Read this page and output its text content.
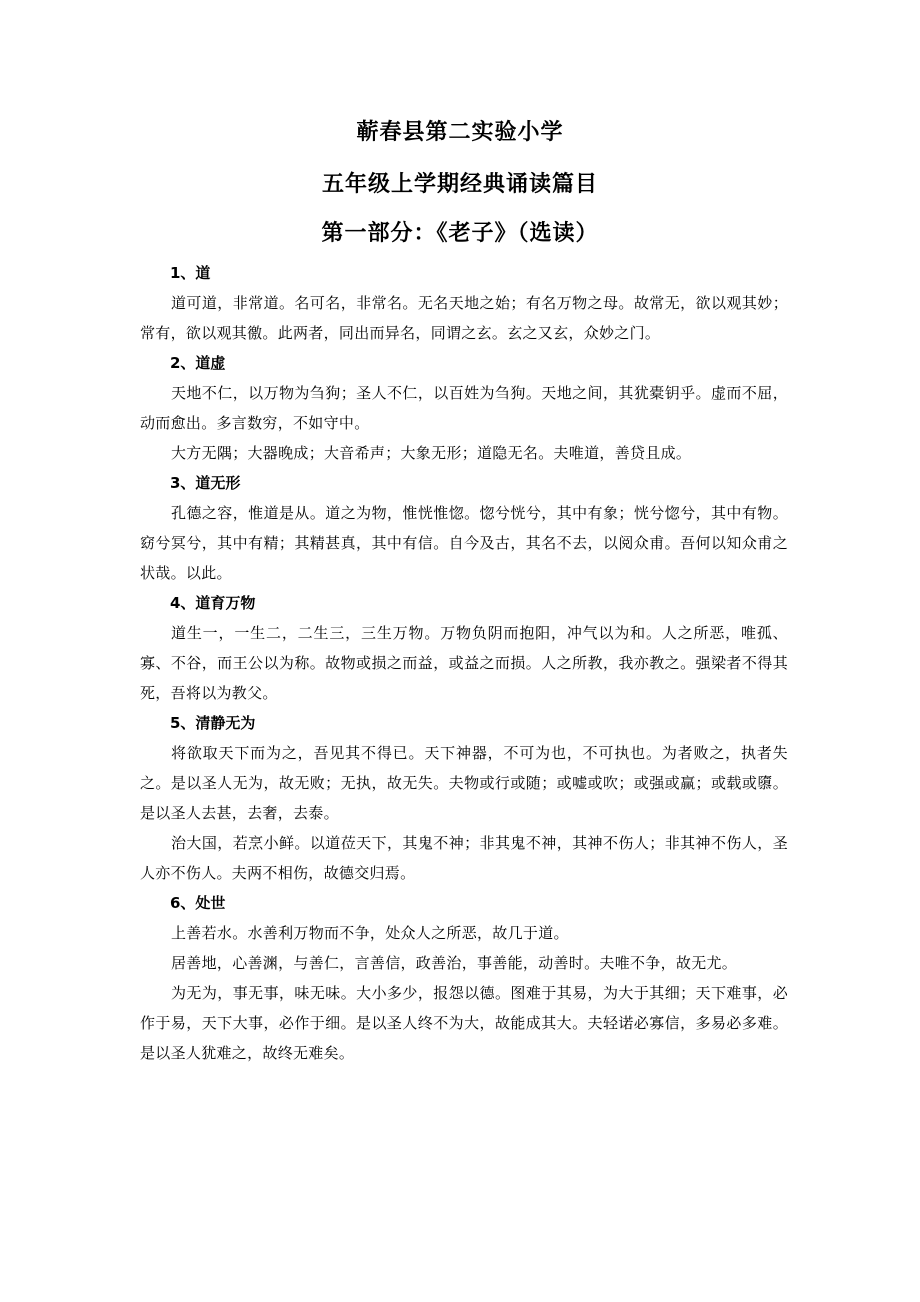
蕲春县第二实验小学
五年级上学期经典诵读篇目
第一部分：《老子》（选读）

1、道

道可道，非常道。名可名，非常名。无名天地之始；有名万物之母。故常无，欲以观其妙；常有，欲以观其徼。此两者，同出而异名，同谓之玄。玄之又玄，众妙之门。

2、道虚

天地不仁，以万物为刍狗；圣人不仁，以百姓为刍狗。天地之间，其犹橐钥乎。虚而不屈，动而愈出。多言数穷，不如守中。

大方无隅；大器晚成；大音希声；大象无形；道隐无名。夫唯道，善贷且成。

3、道无形

孔德之容，惟道是从。道之为物，惟恍惟惚。惚兮恍兮，其中有象；恍兮惚兮，其中有物。窈兮冥兮，其中有精；其精甚真，其中有信。自今及古，其名不去，以阅众甫。吾何以知众甫之状哉。以此。

4、道育万物

道生一，一生二，二生三，三生万物。万物负阴而抱阳，冲气以为和。人之所恶，唯孤、寡、不谷，而王公以为称。故物或损之而益，或益之而损。人之所教，我亦教之。强梁者不得其死，吾将以为教父。

5、清静无为

将欲取天下而为之，吾见其不得已。天下神器，不可为也，不可执也。为者败之，执者失之。是以圣人无为，故无败；无执，故无失。夫物或行或随；或嘘或吹；或强或赢；或载或隳。是以圣人去甚，去奢，去泰。

治大国，若烹小鲜。以道莅天下，其鬼不神；非其鬼不神，其神不伤人；非其神不伤人，圣人亦不伤人。夫两不相伤，故德交归焉。

6、处世

上善若水。水善利万物而不争，处众人之所恶，故几于道。

居善地，心善渊，与善仁，言善信，政善治，事善能，动善时。夫唯不争，故无尤。

为无为，事无事，味无味。大小多少，报怨以德。图难于其易，为大于其细；天下难事，必作于易，天下大事，必作于细。是以圣人终不为大，故能成其大。夫轻诺必寡信，多易必多难。是以圣人犹难之，故终无难矣。
